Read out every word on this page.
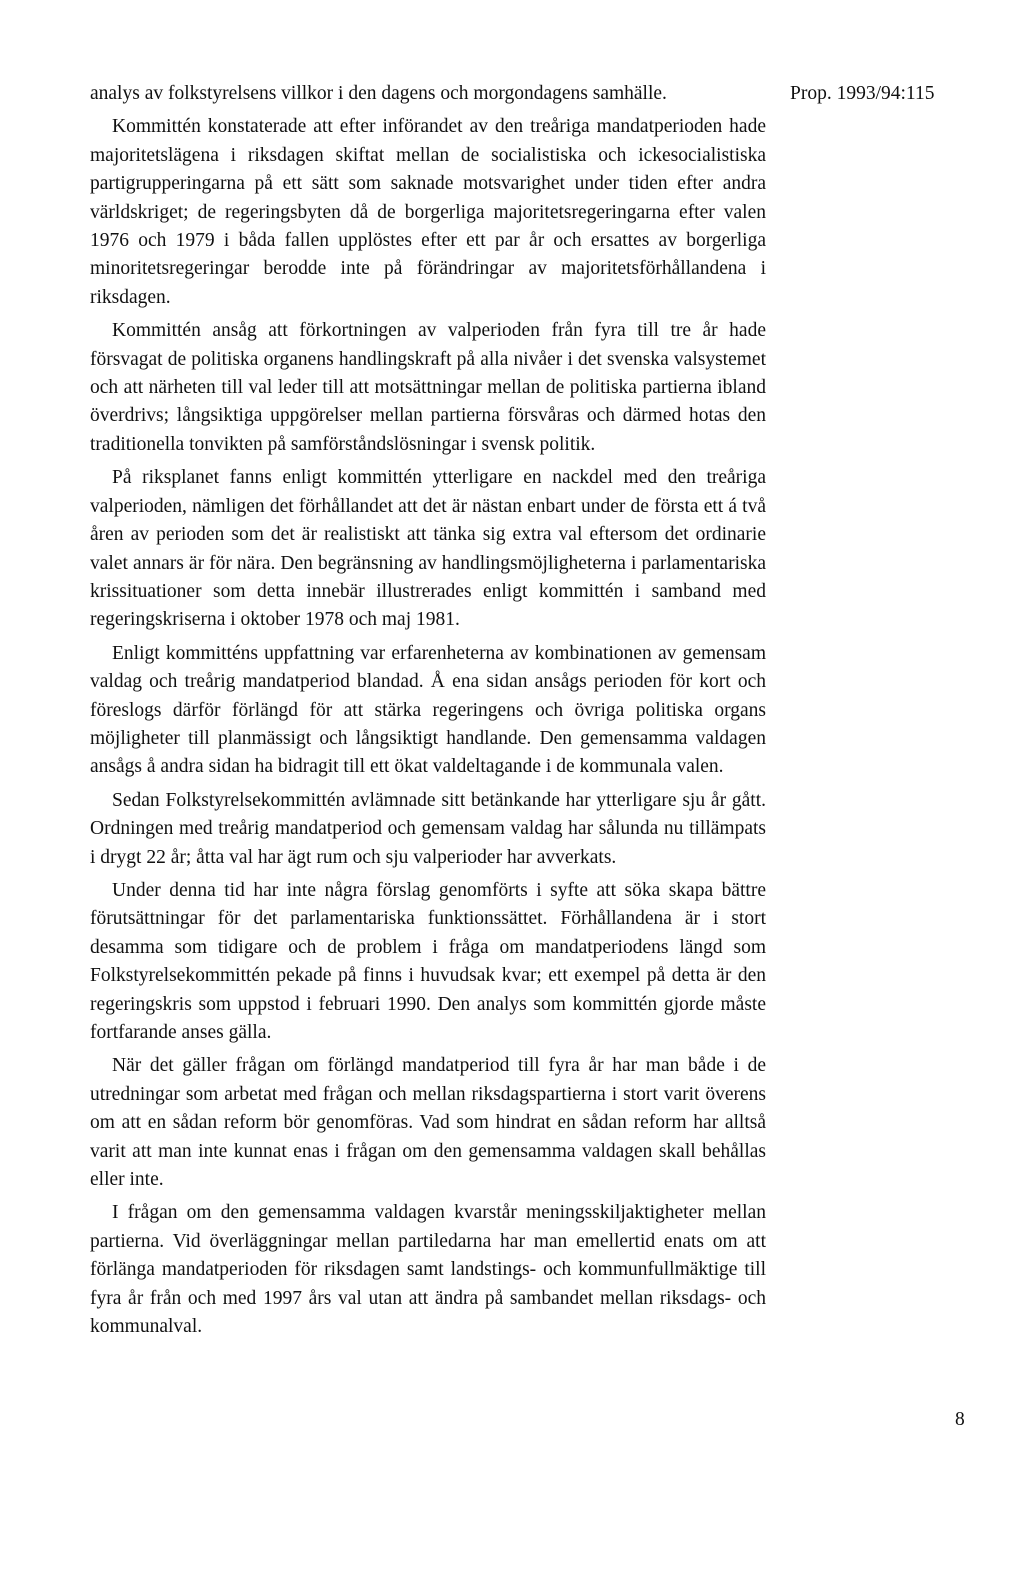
analys av folkstyrelsens villkor i den dagens och morgondagens samhälle.

Kommittén konstaterade att efter införandet av den treåriga mandatperioden hade majoritetslägena i riksdagen skiftat mellan de socialistiska och ickesocialistiska partigrupperingarna på ett sätt som saknade motsvarighet under tiden efter andra världskriget; de regeringsbyten då de borgerliga majoritetsregeringarna efter valen 1976 och 1979 i båda fallen upplöstes efter ett par år och ersattes av borgerliga minoritetsregeringar berodde inte på förändringar av majoritetsförhållandena i riksdagen.

Kommittén ansåg att förkortningen av valperioden från fyra till tre år hade försvagat de politiska organens handlingskraft på alla nivåer i det svenska valsystemet och att närheten till val leder till att motsättningar mellan de politiska partierna ibland överdrivs; långsiktiga uppgörelser mellan partierna försvåras och därmed hotas den traditionella tonvikten på samförståndslösningar i svensk politik.

På riksplanet fanns enligt kommittén ytterligare en nackdel med den treåriga valperioden, nämligen det förhållandet att det är nästan enbart under de första ett á två åren av perioden som det är realistiskt att tänka sig extra val eftersom det ordinarie valet annars är för nära. Den begränsning av handlingsmöjligheterna i parlamentariska krissituationer som detta innebär illustrerades enligt kommittén i samband med regeringskriserna i oktober 1978 och maj 1981.

Enligt kommitténs uppfattning var erfarenheterna av kombinationen av gemensam valdag och treårig mandatperiod blandad. Å ena sidan ansågs perioden för kort och föreslogs därför förlängd för att stärka regeringens och övriga politiska organs möjligheter till planmässigt och långsiktigt handlande. Den gemensamma valdagen ansågs å andra sidan ha bidragit till ett ökat valdeltagande i de kommunala valen.

Sedan Folkstyrelsekommittén avlämnade sitt betänkande har ytterligare sju år gått. Ordningen med treårig mandatperiod och gemensam valdag har sålunda nu tillämpats i drygt 22 år; åtta val har ägt rum och sju valperioder har avverkats.

Under denna tid har inte några förslag genomförts i syfte att söka skapa bättre förutsättningar för det parlamentariska funktionssättet. Förhållandena är i stort desamma som tidigare och de problem i fråga om mandatperiodens längd som Folkstyrelsekommittén pekade på finns i huvudsak kvar; ett exempel på detta är den regeringskris som uppstod i februari 1990. Den analys som kommittén gjorde måste fortfarande anses gälla.

När det gäller frågan om förlängd mandatperiod till fyra år har man både i de utredningar som arbetat med frågan och mellan riksdagspartierna i stort varit överens om att en sådan reform bör genomföras. Vad som hindrat en sådan reform har alltså varit att man inte kunnat enas i frågan om den gemensamma valdagen skall behållas eller inte.

I frågan om den gemensamma valdagen kvarstår meningsskiljaktigheter mellan partierna. Vid överläggningar mellan partiledarna har man emellertid enats om att förlänga mandatperioden för riksdagen samt landstings- och kommunfullmäktige till fyra år från och med 1997 års val utan att ändra på sambandet mellan riksdags- och kommunalval.

Prop. 1993/94:115
8
